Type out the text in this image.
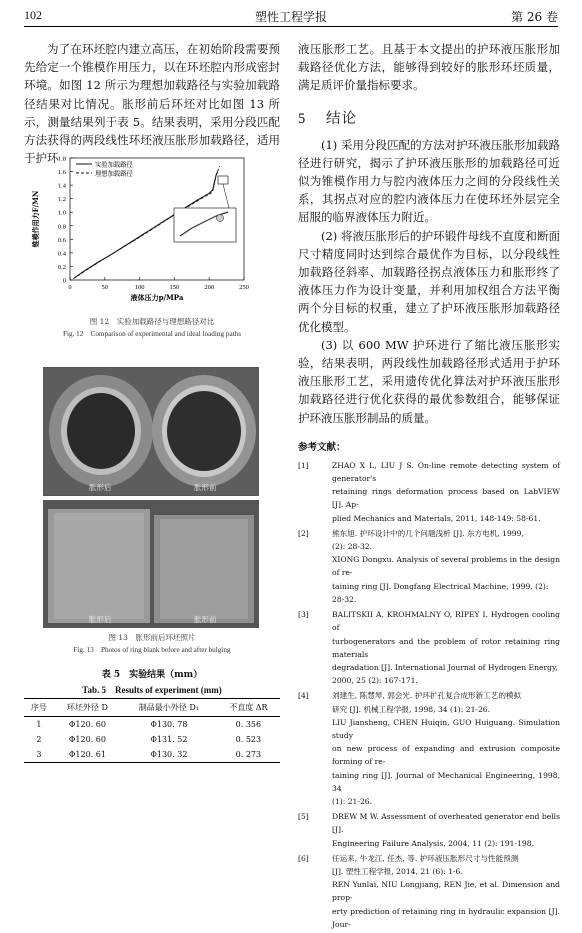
102	塑性工程学报	第 26 卷

为了在环坯腔内建立高压，在初始阶段需要预先给定一个锥模作用压力，以在环坯腔内形成密封环境。如图 12 所示为理想加载路径与实验加载路径结果对比情况。胀形前后环坯对比如图 13 所示，测量结果列于表 5。结果表明，采用分段匹配方法获得的两段线性环坯液压胀形加载路径，适用于护环

0
0.2
0.4
0.6
0.8
1.0
1.2
1.4
1.6
1.8
0	50	100	150	200	250
液体压力p/MPa
锥模作用力F/MN
实验加载路径
理想加载路径
图 12　实验加载路径与理想路径对比
Fig. 12　Comparison of experimental and ideal loading paths
胀形后	胀形前
胀形后	胀形前
图 13　胀形前后环坯照片
Fig. 13　Photos of ring blank before and after bulging
表 5　实验结果（mm）
Tab. 5　Results of experiment (mm)
序号	环坯外径 D	制品最小外径 D₁	不直度 ΔR
1	Φ120. 60	Φ130. 78	0. 356
2	Φ120. 60	Φ131. 52	0. 523
3	Φ120. 61	Φ130. 32	0. 273

液压胀形工艺。且基于本文提出的护环液压胀形加载路径优化方法，能够得到较好的胀形环坯质量，满足质评价量指标要求。

5 结论

(1) 采用分段匹配的方法对护环液压胀形加载路径进行研究，揭示了护环液压胀形的加载路径可近似为锥模作用力与腔内液体压力之间的分段线性关系，其拐点对应的腔内液体压力在使环坯外层完全屈服的临界液体压力附近。

(2) 将液压胀形后的护环锻件母线不直度和断面尺寸精度同时达到综合最优作为目标，以分段线性加载路径斜率、加载路径拐点液体压力和胀形终了液体压力作为设计变量，并利用加权组合方法平衡两个分目标的权重，建立了护环液压胀形加载路径优化模型。

(3) 以 600 MW 护环进行了缩比液压胀形实验，结果表明，两段线性加载路径形式适用于护环液压胀形工艺，采用遗传优化算法对护环液压胀形加载路径进行优化获得的最优参数组合，能够保证护环液压胀形制品的质量。

参考文献：
[1]	ZHAO X L, LIU J S. On-line remote detecting system of generator's
retaining rings deformation process based on LabVIEW [J]. Ap-
plied Mechanics and Materials, 2011, 148-149: 58-61.
[2]	熊东旭. 护环设计中的几个问题浅析 [J]. 东方电机, 1999,
(2): 28-32.
XIONG Dongxu. Analysis of several problems in the design of re-
taining ring [J]. Dongfang Electrical Machine, 1999, (2):
28-32.
[3]	BALITSKII A, KROHMALNY O, RIPEY I. Hydrogen cooling of
turbogenerators and the problem of rotor retaining ring materials
degradation [J]. International Journal of Hydrogen Energy,
2000, 25 (2): 167-171.
[4]	刘建生, 陈慧琴, 郭会光. 护环扩孔复合成形新工艺的模拟
研究 [J]. 机械工程学报, 1998, 34 (1): 21-26.
LIU Jiansheng, CHEN Huiqin, GUO Huiguang. Simulation study
on new process of expanding and extrusion composite forming of re-
taining ring [J]. Journal of Mechanical Engineering, 1998, 34
(1): 21-26.
[5]	DREW M W. Assessment of overheated generator end bells [J].
Engineering Failure Analysis, 2004, 11 (2): 191-198.
[6]	任运来, 牛龙江, 任杰, 等. 护环液压胀形尺寸与性能预测
[J]. 塑性工程学报, 2014, 21 (6): 1-6.
REN Yunlai, NIU Longjiang, REN Jie, et al. Dimension and prop-
erty prediction of retaining ring in hydraulic expansion [J]. Jour-
